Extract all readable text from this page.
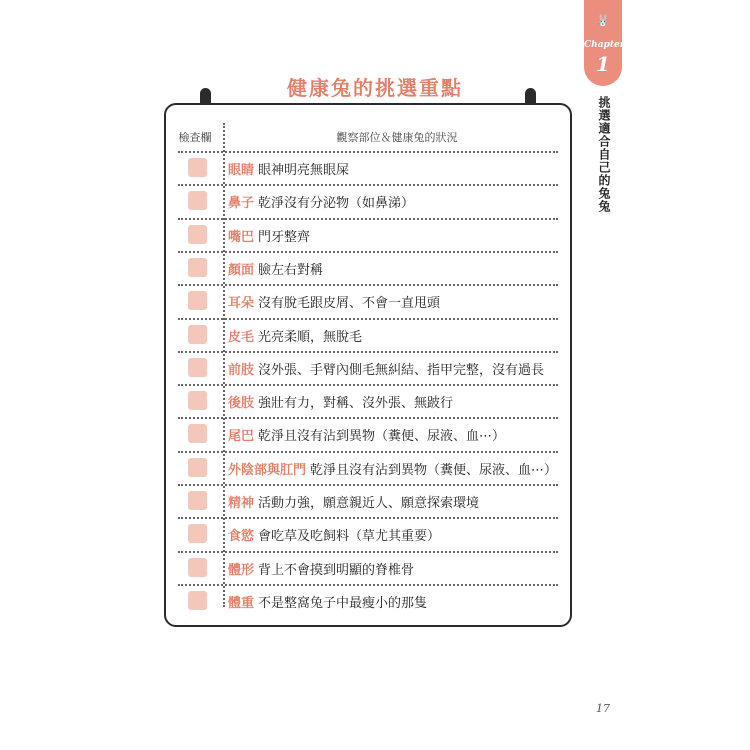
健康兔的挑選重點
檢查欄	觀察部位＆健康兔的狀況
眼睛 眼神明亮無眼屎
鼻子 乾淨沒有分泌物（如鼻涕）
嘴巴 門牙整齊
顏面 臉左右對稱
耳朵 沒有脫毛跟皮屑、不會一直甩頭
皮毛 光亮柔順，無脫毛
前肢 沒外張、手臂內側毛無糾結、指甲完整，沒有過長
後肢 強壯有力，對稱、沒外張、無跛行
尾巴 乾淨且沒有沾到異物（糞便、尿液、血⋯）
外陰部與肛門 乾淨且沒有沾到異物（糞便、尿液、血⋯）
精神 活動力強，願意親近人、願意探索環境
食慾 會吃草及吃飼料（草尤其重要）
體形 背上不會摸到明顯的脊椎骨
體重 不是整窩兔子中最瘦小的那隻
🐰
Chapter
1
挑選適合自己的兔兔
17
